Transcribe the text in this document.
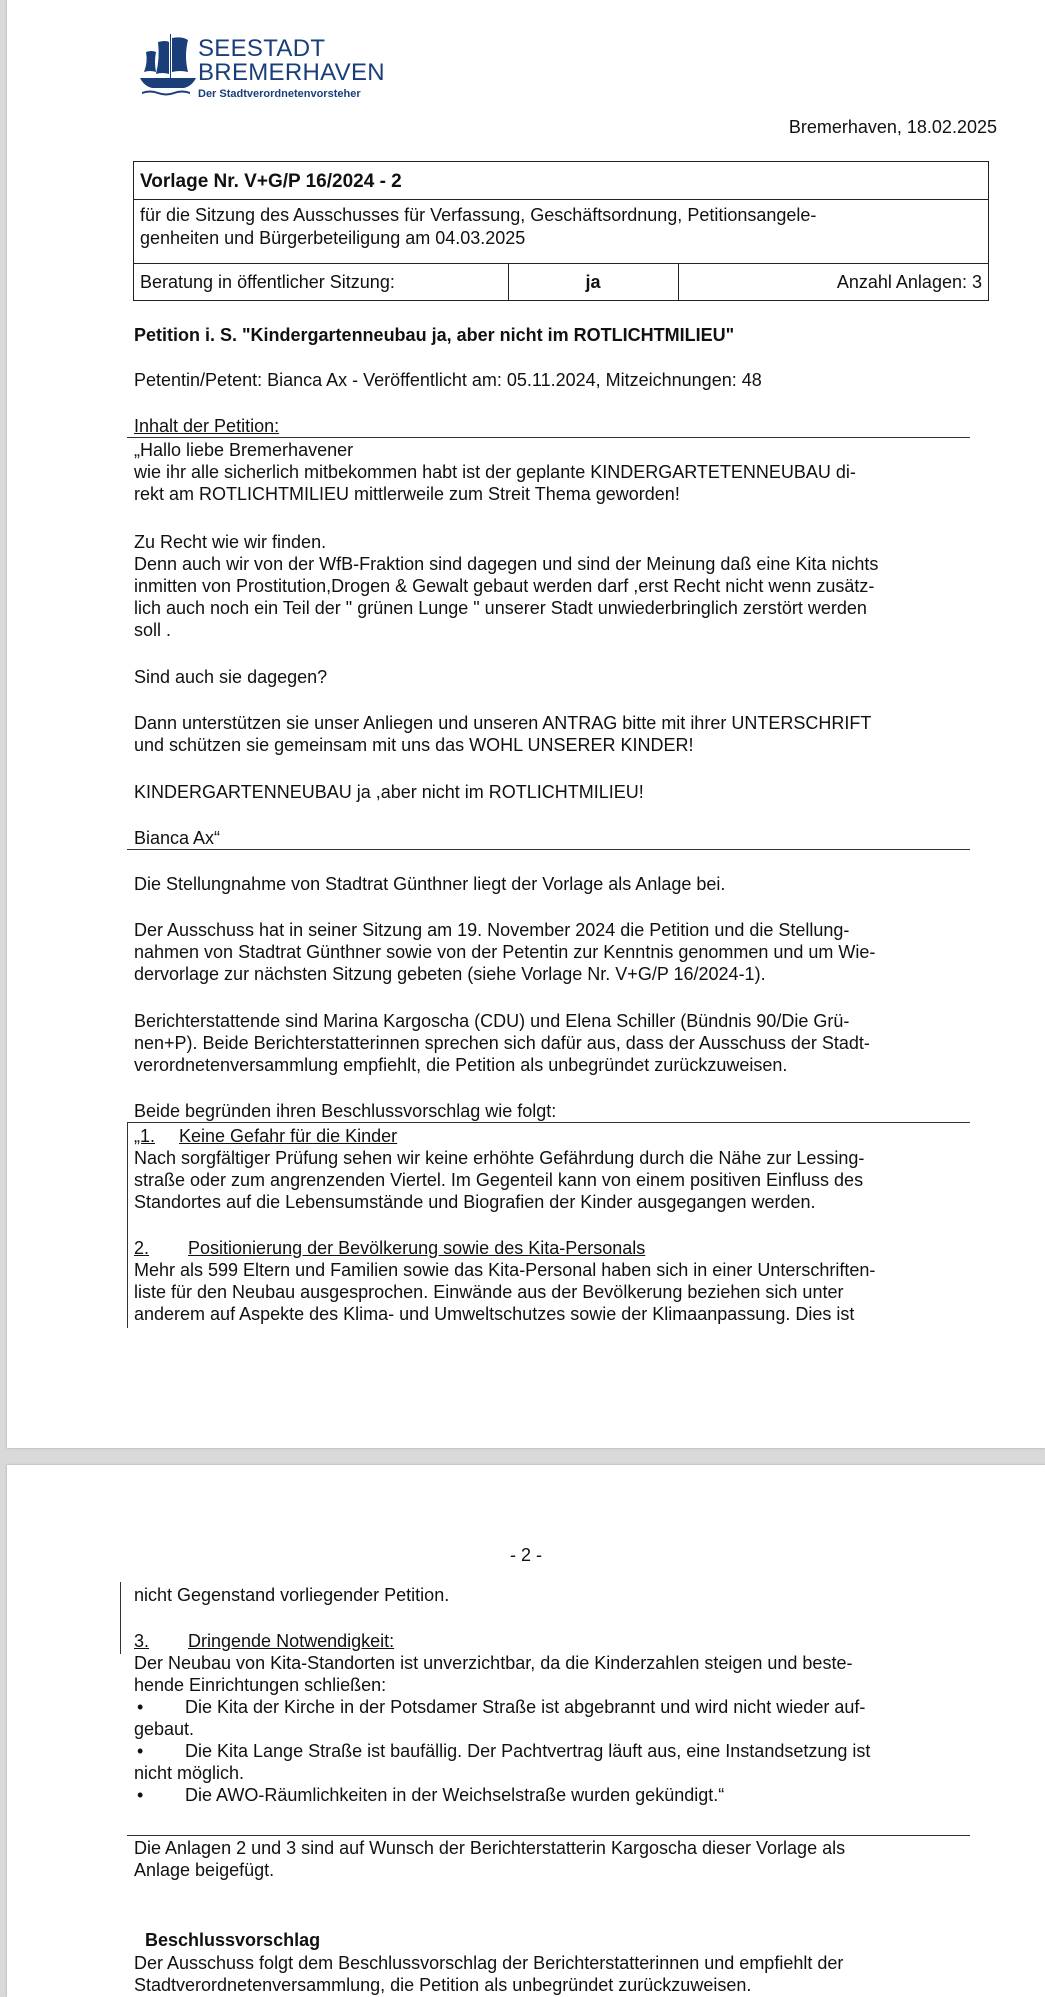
SEESTADT
BREMERHAVEN
Der Stadtverordnetenvorsteher
Bremerhaven, 18.02.2025
Vorlage Nr. V+G/P 16/2024 - 2
für die Sitzung des Ausschusses für Verfassung, Geschäftsordnung, Petitionsangele-
genheiten und Bürgerbeteiligung am 04.03.2025
Beratung in öffentlicher Sitzung:	ja	Anzahl Anlagen: 3
Petition i. S. "Kindergartenneubau ja, aber nicht im ROTLICHTMILIEU"
Petentin/Petent: Bianca Ax - Veröffentlicht am: 05.11.2024, Mitzeichnungen: 48
Inhalt der Petition:
„Hallo liebe Bremerhavener
wie ihr alle sicherlich mitbekommen habt ist der geplante KINDERGARTETENNEUBAU di-
rekt am ROTLICHTMILIEU mittlerweile zum Streit Thema geworden!
Zu Recht wie wir finden.
Denn auch wir von der WfB-Fraktion sind dagegen und sind der Meinung daß eine Kita nichts
inmitten von Prostitution,Drogen & Gewalt gebaut werden darf ,erst Recht nicht wenn zusätz-
lich auch noch ein Teil der " grünen Lunge " unserer Stadt unwiederbringlich zerstört werden
soll .
Sind auch sie dagegen?
Dann unterstützen sie unser Anliegen und unseren ANTRAG bitte mit ihrer UNTERSCHRIFT
und schützen sie gemeinsam mit uns das WOHL UNSERER KINDER!
KINDERGARTENNEUBAU ja ,aber nicht im ROTLICHTMILIEU!
Bianca Ax“
Die Stellungnahme von Stadtrat Günthner liegt der Vorlage als Anlage bei.
Der Ausschuss hat in seiner Sitzung am 19. November 2024 die Petition und die Stellung-
nahmen von Stadtrat Günthner sowie von der Petentin zur Kenntnis genommen und um Wie-
dervorlage zur nächsten Sitzung gebeten (siehe Vorlage Nr. V+G/P 16/2024-1).
Berichterstattende sind Marina Kargoscha (CDU) und Elena Schiller (Bündnis 90/Die Grü-
nen+P). Beide Berichterstatterinnen sprechen sich dafür aus, dass der Ausschuss der Stadt-
verordnetenversammlung empfiehlt, die Petition als unbegründet zurückzuweisen.
Beide begründen ihren Beschlussvorschlag wie folgt:
„1. Keine Gefahr für die Kinder
Nach sorgfältiger Prüfung sehen wir keine erhöhte Gefährdung durch die Nähe zur Lessing-
straße oder zum angrenzenden Viertel. Im Gegenteil kann von einem positiven Einfluss des
Standortes auf die Lebensumstände und Biografien der Kinder ausgegangen werden.
2. Positionierung der Bevölkerung sowie des Kita-Personals
Mehr als 599 Eltern und Familien sowie das Kita-Personal haben sich in einer Unterschriften-
liste für den Neubau ausgesprochen. Einwände aus der Bevölkerung beziehen sich unter
anderem auf Aspekte des Klima- und Umweltschutzes sowie der Klimaanpassung. Dies ist
- 2 -
nicht Gegenstand vorliegender Petition.
3. Dringende Notwendigkeit:
Der Neubau von Kita-Standorten ist unverzichtbar, da die Kinderzahlen steigen und beste-
hende Einrichtungen schließen:
• Die Kita der Kirche in der Potsdamer Straße ist abgebrannt und wird nicht wieder auf-
gebaut.
• Die Kita Lange Straße ist baufällig. Der Pachtvertrag läuft aus, eine Instandsetzung ist
nicht möglich.
• Die AWO-Räumlichkeiten in der Weichselstraße wurden gekündigt.“
Die Anlagen 2 und 3 sind auf Wunsch der Berichterstatterin Kargoscha dieser Vorlage als
Anlage beigefügt.
Beschlussvorschlag
Der Ausschuss folgt dem Beschlussvorschlag der Berichterstatterinnen und empfiehlt der
Stadtverordnetenversammlung, die Petition als unbegründet zurückzuweisen.
